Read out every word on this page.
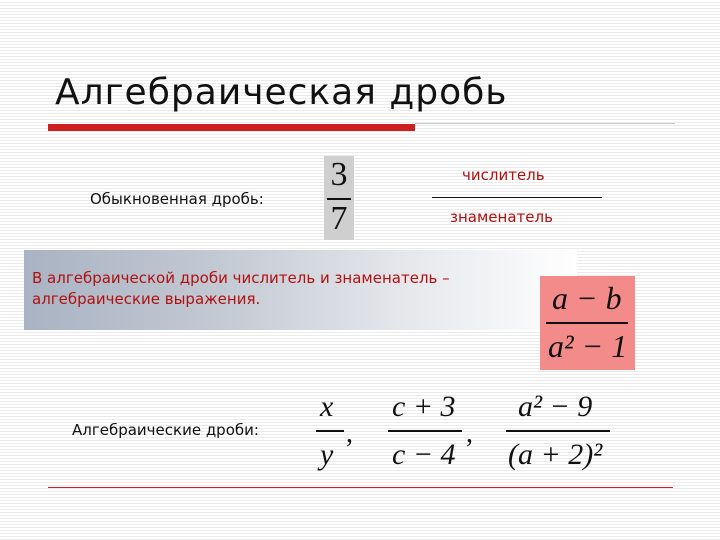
Алгебраическая дробь
Обыкновенная дробь:
3
7
числитель
знаменатель
В алгебраической дроби числитель и знаменатель – алгебраические выражения.	a − b
a² − 1
Алгебраические дроби:
x
y
,
c + 3
c − 4
,
a² − 9
(a + 2)²
